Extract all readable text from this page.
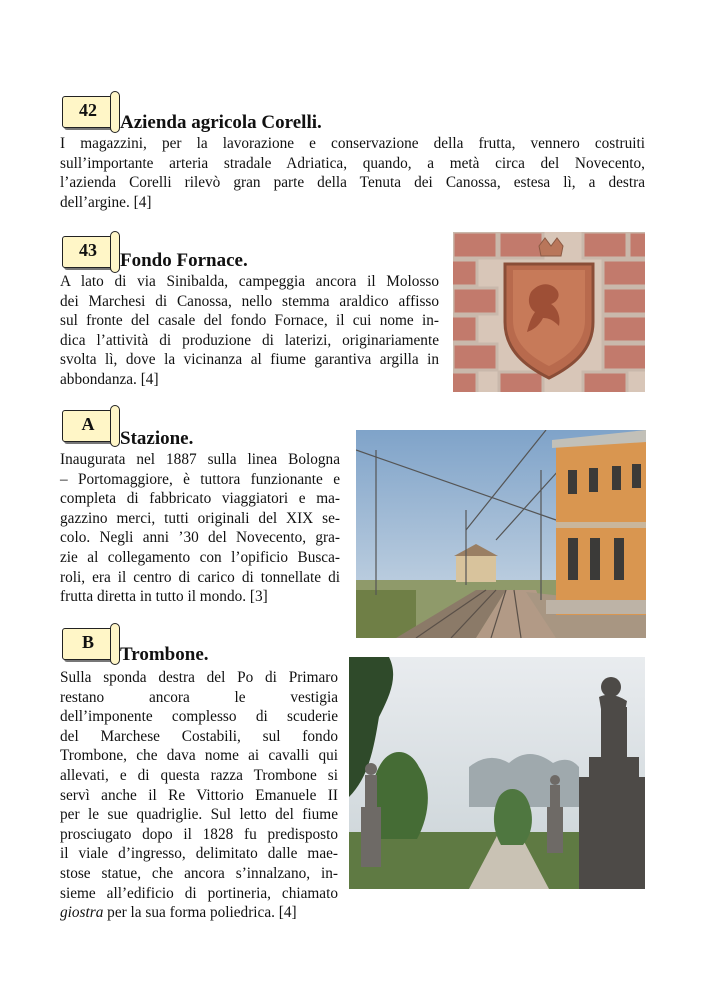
42
Azienda agricola Corelli.
I magazzini, per la lavorazione e conservazione della frutta, vennero costruiti
sull’importante arteria stradale Adriatica, quando, a metà circa del Novecento,
l’azienda Corelli rilevò gran parte della Tenuta dei Canossa, estesa lì, a destra
dell’argine. [4]
43	Fondo Fornace.
A lato di via Sinibalda, campeggia ancora il Molosso
dei Marchesi di Canossa, nello stemma araldico affisso
sul fronte del casale del fondo Fornace, il cui nome in-
dica l’attività di produzione di laterizi, originariamente
svolta lì, dove la vicinanza al fiume garantiva argilla in
abbondanza. [4]
A
Stazione.
Inaugurata nel 1887 sulla linea Bologna
– Portomaggiore, è tuttora funzionante e
completa di fabbricato viaggiatori e ma-
gazzino merci, tutti originali del XIX se-
colo. Negli anni ’30 del Novecento, gra-
zie al collegamento con l’opificio Busca-
roli, era il centro di carico di tonnellate di
frutta diretta in tutto il mondo. [3]
B
Trombone.
Sulla sponda destra del Po di Primaro
restano ancora le vestigia
dell’imponente complesso di scuderie
del Marchese Costabili, sul fondo
Trombone, che dava nome ai cavalli qui
allevati, e di questa razza Trombone si
servì anche il Re Vittorio Emanuele II
per le sue quadriglie. Sul letto del fiume
prosciugato dopo il 1828 fu predisposto
il viale d’ingresso, delimitato dalle mae-
stose statue, che ancora s’innalzano, in-
sieme all’edificio di portineria, chiamato
giostra per la sua forma poliedrica. [4]
